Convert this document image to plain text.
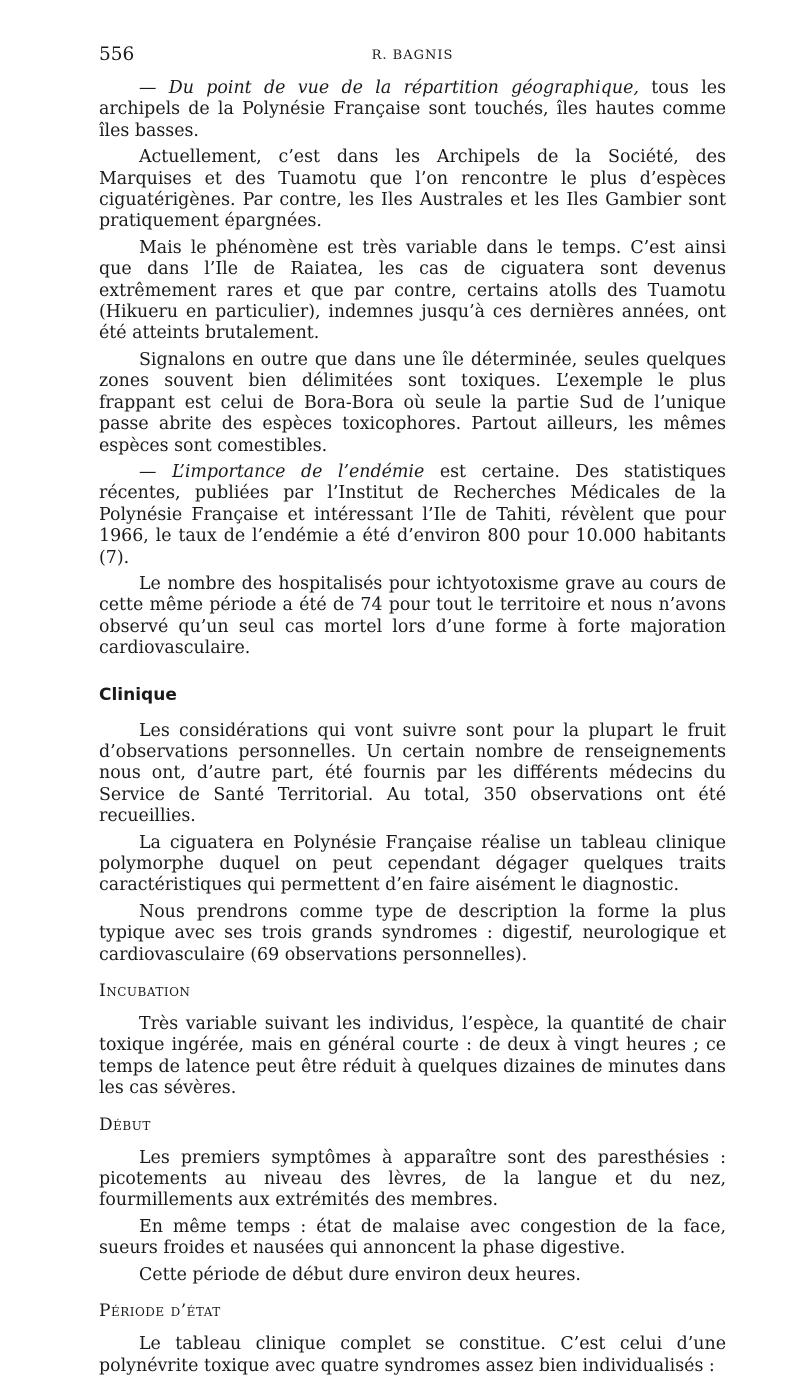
556	R. BAGNIS

— Du point de vue de la répartition géographique, tous les archipels de la Polynésie Française sont touchés, îles hautes comme îles basses.

Actuellement, c’est dans les Archipels de la Société, des Marquises et des Tuamotu que l’on rencontre le plus d’espèces ciguatérigènes. Par contre, les Iles Australes et les Iles Gambier sont pratiquement épargnées.

Mais le phénomène est très variable dans le temps. C’est ainsi que dans l’Ile de Raiatea, les cas de ciguatera sont devenus extrêmement rares et que par contre, certains atolls des Tuamotu (Hikueru en particulier), indemnes jusqu’à ces dernières années, ont été atteints brutalement.

Signalons en outre que dans une île déterminée, seules quelques zones souvent bien délimitées sont toxiques. L’exemple le plus frappant est celui de Bora-Bora où seule la partie Sud de l’unique passe abrite des espèces toxicophores. Partout ailleurs, les mêmes espèces sont comestibles.

— L’importance de l’endémie est certaine. Des statistiques récentes, publiées par l’Institut de Recherches Médicales de la Polynésie Française et intéressant l’Ile de Tahiti, révèlent que pour 1966, le taux de l’endémie a été d’environ 800 pour 10.000 habitants (7).

Le nombre des hospitalisés pour ichtyotoxisme grave au cours de cette même période a été de 74 pour tout le territoire et nous n’avons observé qu’un seul cas mortel lors d’une forme à forte majoration cardiovasculaire.

Clinique

Les considérations qui vont suivre sont pour la plupart le fruit d’observations personnelles. Un certain nombre de renseignements nous ont, d’autre part, été fournis par les différents médecins du Service de Santé Territorial. Au total, 350 observations ont été recueillies.

La ciguatera en Polynésie Française réalise un tableau clinique polymorphe duquel on peut cependant dégager quelques traits caractéristiques qui permettent d’en faire aisément le diagnostic.

Nous prendrons comme type de description la forme la plus typique avec ses trois grands syndromes : digestif, neurologique et cardiovasculaire (69 observations personnelles).

Incubation

Très variable suivant les individus, l’espèce, la quantité de chair toxique ingérée, mais en général courte : de deux à vingt heures ; ce temps de latence peut être réduit à quelques dizaines de minutes dans les cas sévères.

Début

Les premiers symptômes à apparaître sont des paresthésies : picotements au niveau des lèvres, de la langue et du nez, fourmillements aux extrémités des membres.

En même temps : état de malaise avec congestion de la face, sueurs froides et nausées qui annoncent la phase digestive.

Cette période de début dure environ deux heures.

Période d’état

Le tableau clinique complet se constitue. C’est celui d’une polynévrite toxique avec quatre syndromes assez bien individualisés :
